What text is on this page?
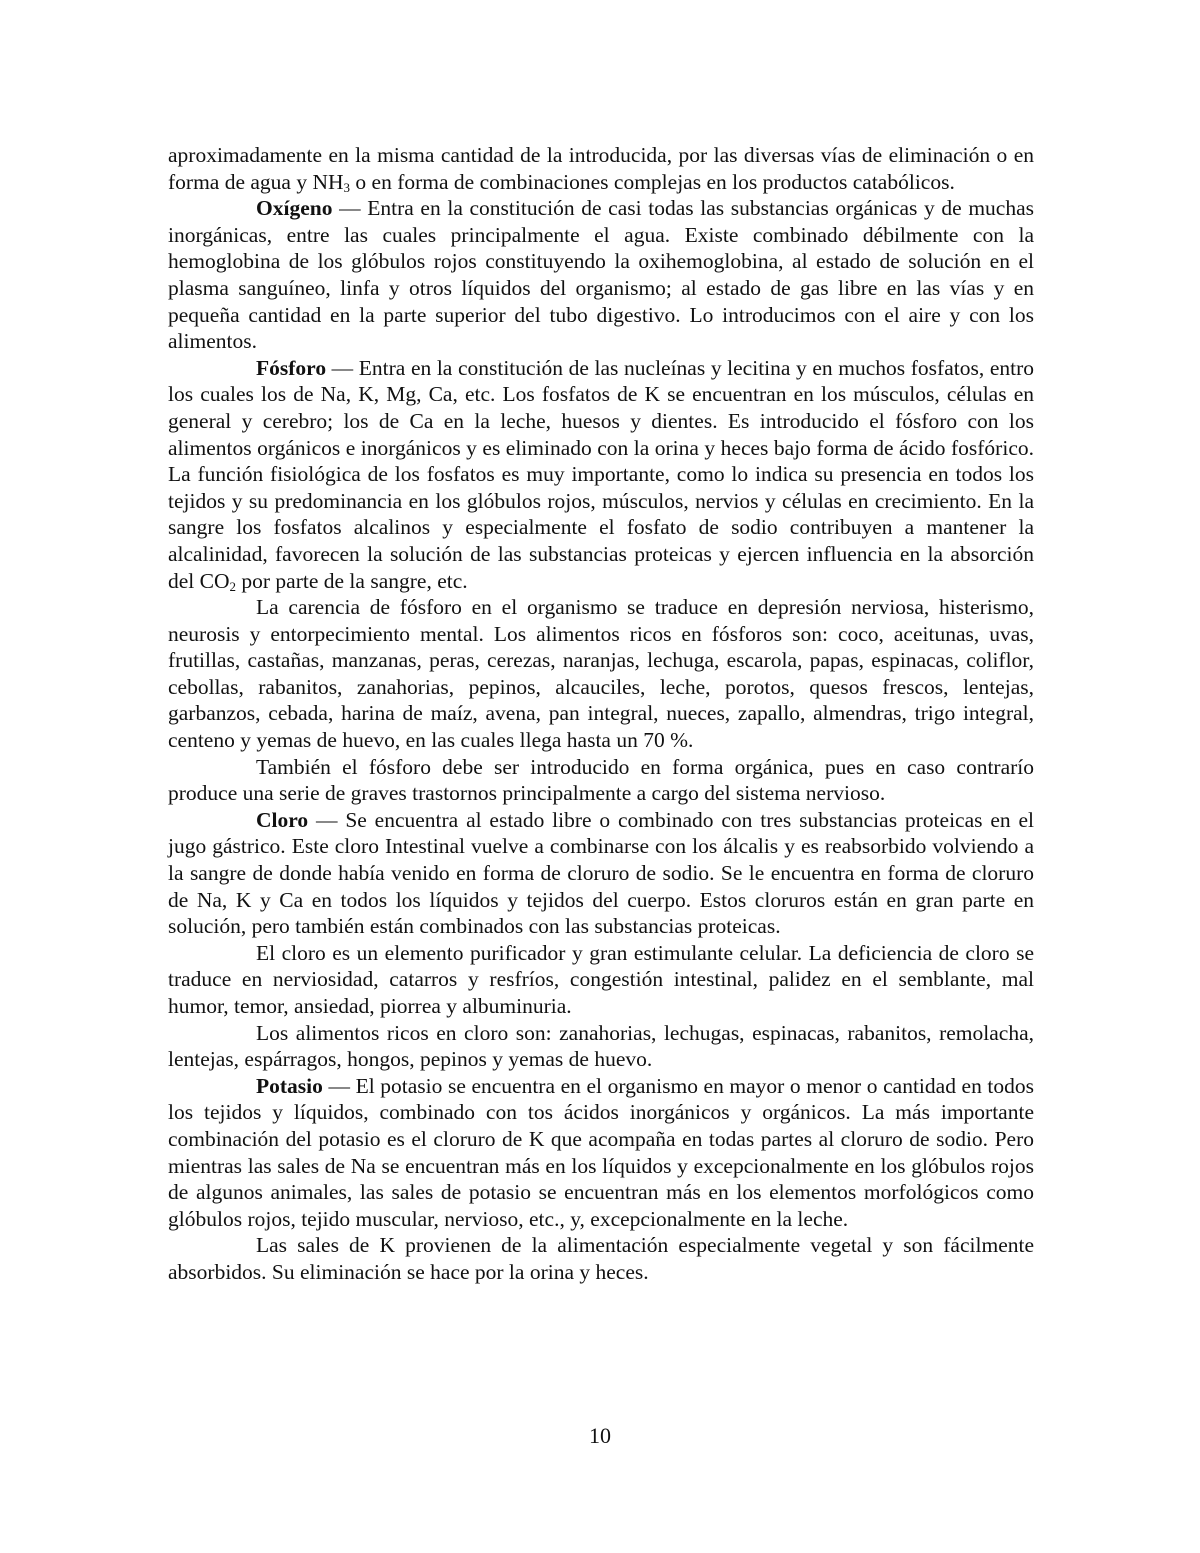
aproximadamente en la misma cantidad de la introducida, por las diversas vías de eliminación o en forma de agua y $NH_3$ o en forma de combinaciones complejas en los productos catabólicos.

Oxígeno — Entra en la constitución de casi todas las substancias orgánicas y de muchas inorgánicas, entre las cuales principalmente el agua. Existe combinado débilmente con la hemoglobina de los glóbulos rojos constituyendo la oxihemoglobina, al estado de solución en el plasma sanguíneo, linfa y otros líquidos del organismo; al estado de gas libre en las vías y en pequeña cantidad en la parte superior del tubo digestivo. Lo introducimos con el aire y con los alimentos.

Fósforo — Entra en la constitución de las nucleínas y lecitina y en muchos fosfatos, entro los cuales los de Na, K, Mg, Ca, etc. Los fosfatos de K se encuentran en los músculos, células en general y cerebro; los de Ca en la leche, huesos y dientes. Es introducido el fósforo con los alimentos orgánicos e inorgánicos y es eliminado con la orina y heces bajo forma de ácido fosfórico. La función fisiológica de los fosfatos es muy importante, como lo indica su presencia en todos los tejidos y su predominancia en los glóbulos rojos, músculos, nervios y células en crecimiento. En la sangre los fosfatos alcalinos y especialmente el fosfato de sodio contribuyen a mantener la alcalinidad, favorecen la solución de las substancias proteicas y ejercen influencia en la absorción del $CO_2$ por parte de la sangre, etc.

La carencia de fósforo en el organismo se traduce en depresión nerviosa, histerismo, neurosis y entorpecimiento mental. Los alimentos ricos en fósforos son: coco, aceitunas, uvas, frutillas, castañas, manzanas, peras, cerezas, naranjas, lechuga, escarola, papas, espinacas, coliflor, cebollas, rabanitos, zanahorias, pepinos, alcauciles, leche, porotos, quesos frescos, lentejas, garbanzos, cebada, harina de maíz, avena, pan integral, nueces, zapallo, almendras, trigo integral, centeno y yemas de huevo, en las cuales llega hasta un 70 %.

También el fósforo debe ser introducido en forma orgánica, pues en caso contrarío produce una serie de graves trastornos principalmente a cargo del sistema nervioso.

Cloro — Se encuentra al estado libre o combinado con tres substancias proteicas en el jugo gástrico. Este cloro Intestinal vuelve a combinarse con los álcalis y es reabsorbido volviendo a la sangre de donde había venido en forma de cloruro de sodio. Se le encuentra en forma de cloruro de Na, K y Ca en todos los líquidos y tejidos del cuerpo. Estos cloruros están en gran parte en solución, pero también están combinados con las substancias proteicas.

El cloro es un elemento purificador y gran estimulante celular. La deficiencia de cloro se traduce en nerviosidad, catarros y resfríos, congestión intestinal, palidez en el semblante, mal humor, temor, ansiedad, piorrea y albuminuria.

Los alimentos ricos en cloro son: zanahorias, lechugas, espinacas, rabanitos, remolacha, lentejas, espárragos, hongos, pepinos y yemas de huevo.

Potasio — El potasio se encuentra en el organismo en mayor o menor o cantidad en todos los tejidos y líquidos, combinado con tos ácidos inorgánicos y orgánicos. La más importante combinación del potasio es el cloruro de K que acompaña en todas partes al cloruro de sodio. Pero mientras las sales de Na se encuentran más en los líquidos y excepcionalmente en los glóbulos rojos de algunos animales, las sales de potasio se encuentran más en los elementos morfológicos como glóbulos rojos, tejido muscular, nervioso, etc., y, excepcionalmente en la leche.

Las sales de K provienen de la alimentación especialmente vegetal y son fácilmente absorbidos. Su eliminación se hace por la orina y heces.

10
